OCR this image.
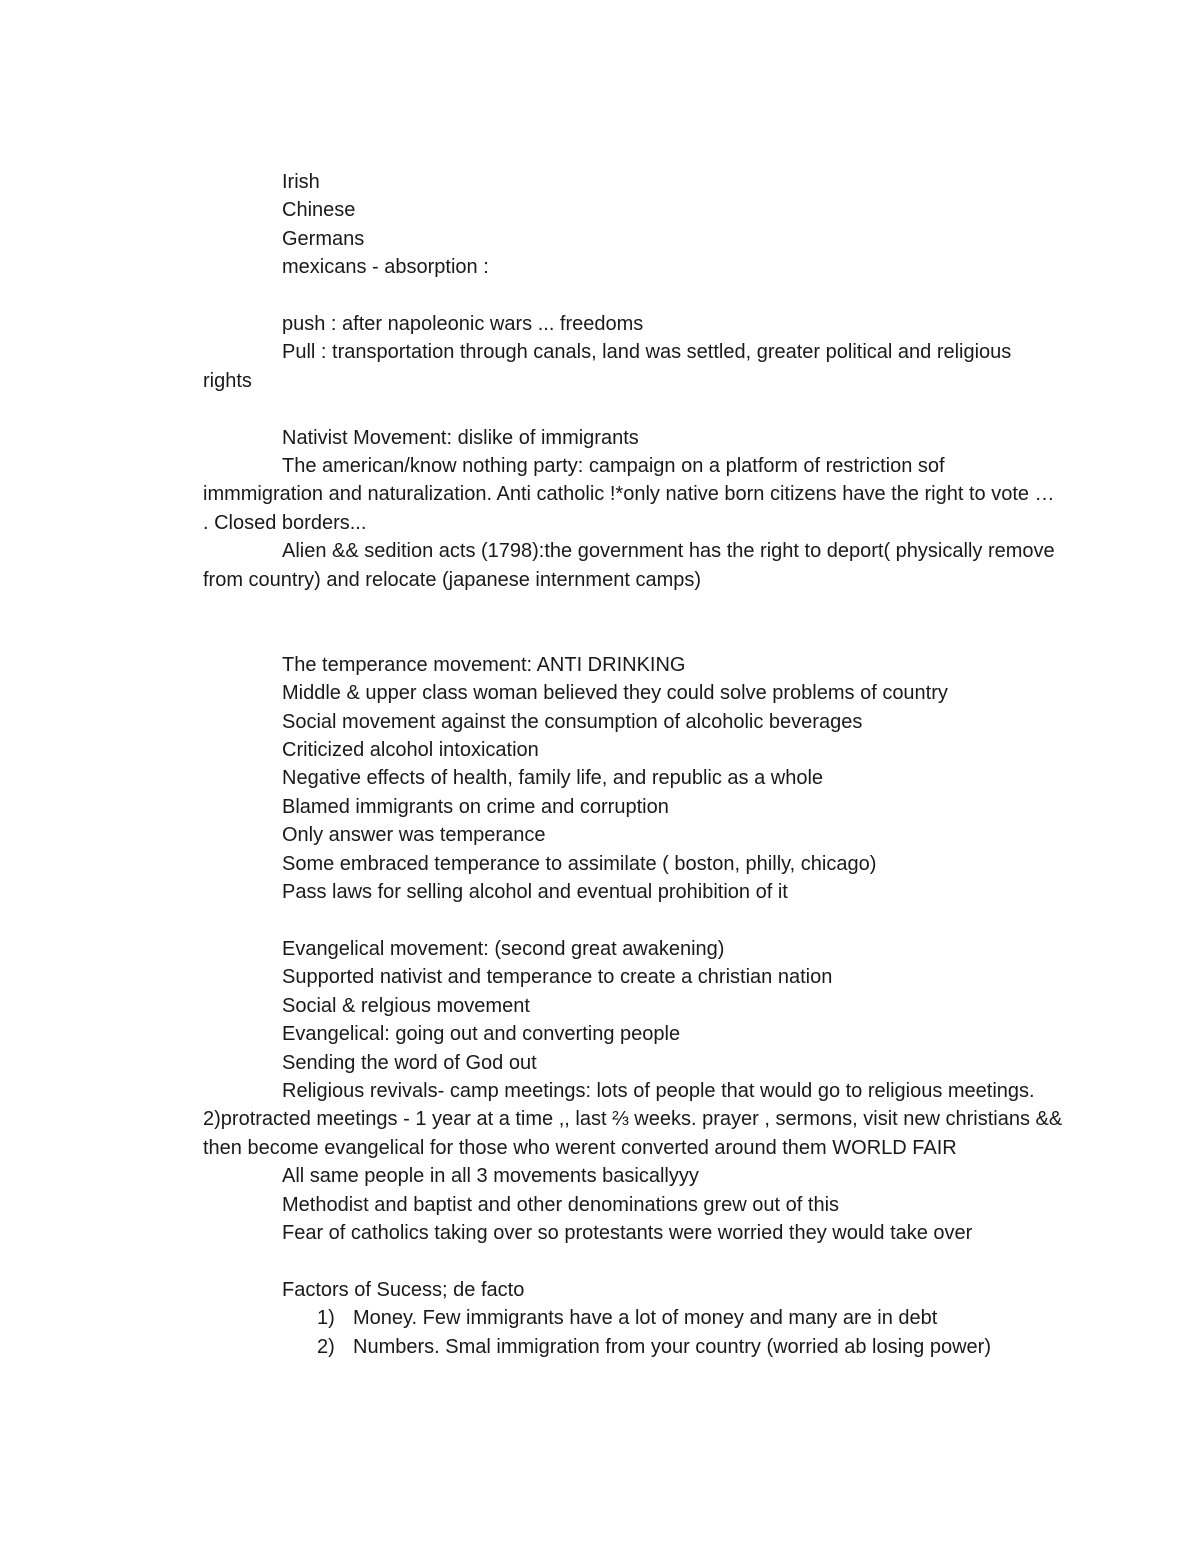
Irish

Chinese

Germans

mexicans - absorption :

push : after napoleonic wars ... freedoms

Pull : transportation through canals, land was settled, greater political and religious rights

Nativist Movement: dislike of immigrants

The american/know nothing party: campaign on a platform of restriction sof immmigration and naturalization. Anti catholic !*only native born citizens have the right to vote … . Closed borders...

Alien && sedition acts (1798):the government has the right to deport( physically remove from country) and relocate (japanese internment camps)

The temperance movement: ANTI DRINKING

Middle & upper class woman believed they could solve problems of country

Social movement against the consumption of alcoholic beverages

Criticized alcohol intoxication

Negative effects of health, family life, and republic as a whole

Blamed immigrants on crime and corruption

Only answer was temperance

Some embraced temperance to assimilate ( boston, philly, chicago)

Pass laws for selling alcohol and eventual prohibition of it

Evangelical movement: (second great awakening)

Supported nativist and temperance to create a christian nation

Social & relgious movement

Evangelical: going out and converting people

Sending the word of God out

Religious revivals- camp meetings: lots of people that would go to religious meetings. 2)protracted meetings - 1 year at a time ,, last ⅔ weeks. prayer , sermons, visit new christians && then become evangelical for those who werent converted around them WORLD FAIR

All same people in all 3 movements basicallyyy

Methodist and baptist and other denominations grew out of this

Fear of catholics taking over so protestants were worried they would take over

Factors of Sucess; de facto

1) Money. Few immigrants have a lot of money and many are in debt
2) Numbers. Smal immigration from your country (worried ab losing power)
